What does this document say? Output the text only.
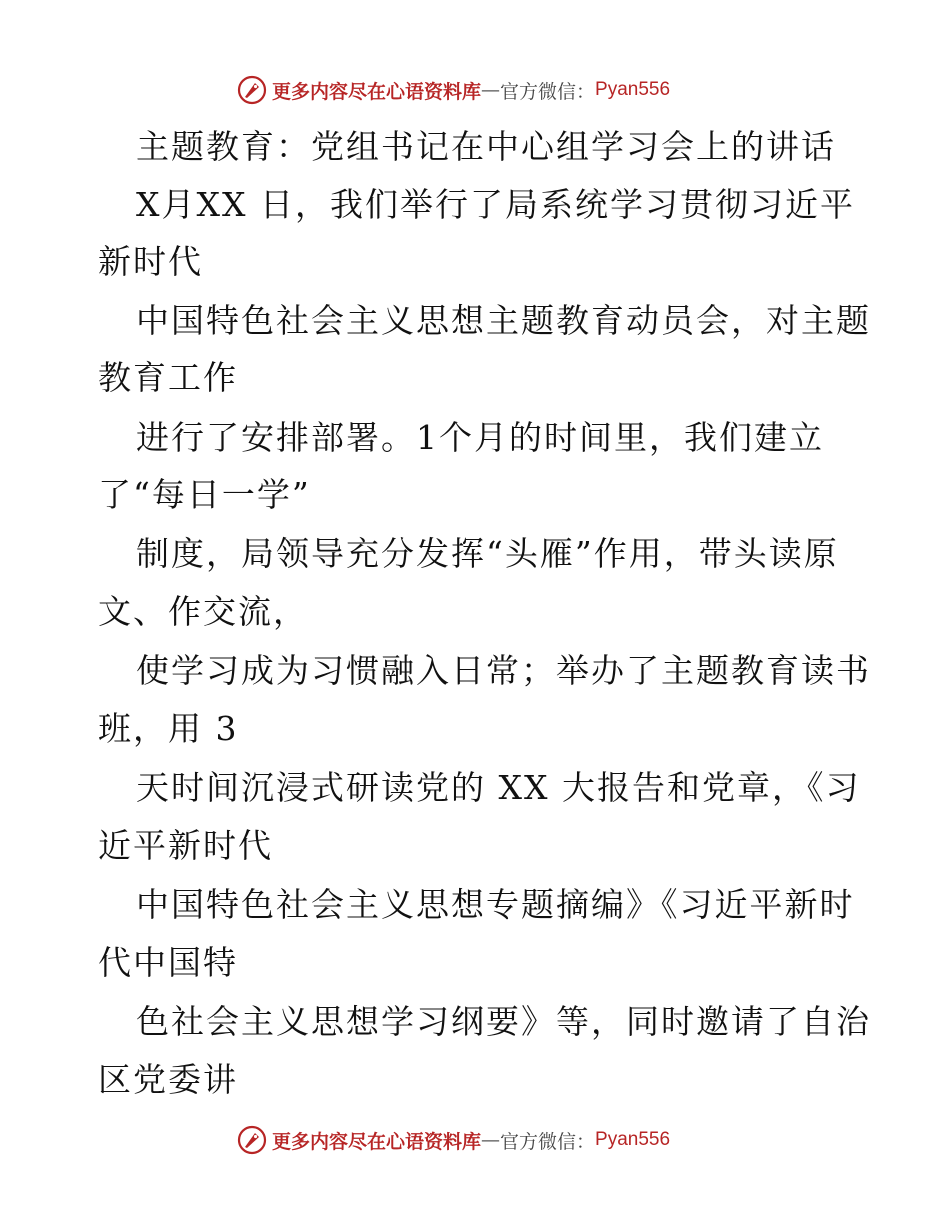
更多内容尽在心语资料库 — 官方微信： Pyan556
主题教育：党组书记在中心组学习会上的讲话
X月XX 日，我们举行了局系统学习贯彻习近平
新时代
中国特色社会主义思想主题教育动员会，对主题
教育工作
进行了安排部署。1个月的时间里，我们建立
了“每日一学”
制度，局领导充分发挥“头雁”作用，带头读原
文、作交流，
使学习成为习惯融入日常；举办了主题教育读书
班，用 3
天时间沉浸式研读党的 XX 大报告和党章，《习
近平新时代
中国特色社会主义思想专题摘编》《习近平新时
代中国特
色社会主义思想学习纲要》等，同时邀请了自治
区党委讲
更多内容尽在心语资料库 — 官方微信： Pyan556
